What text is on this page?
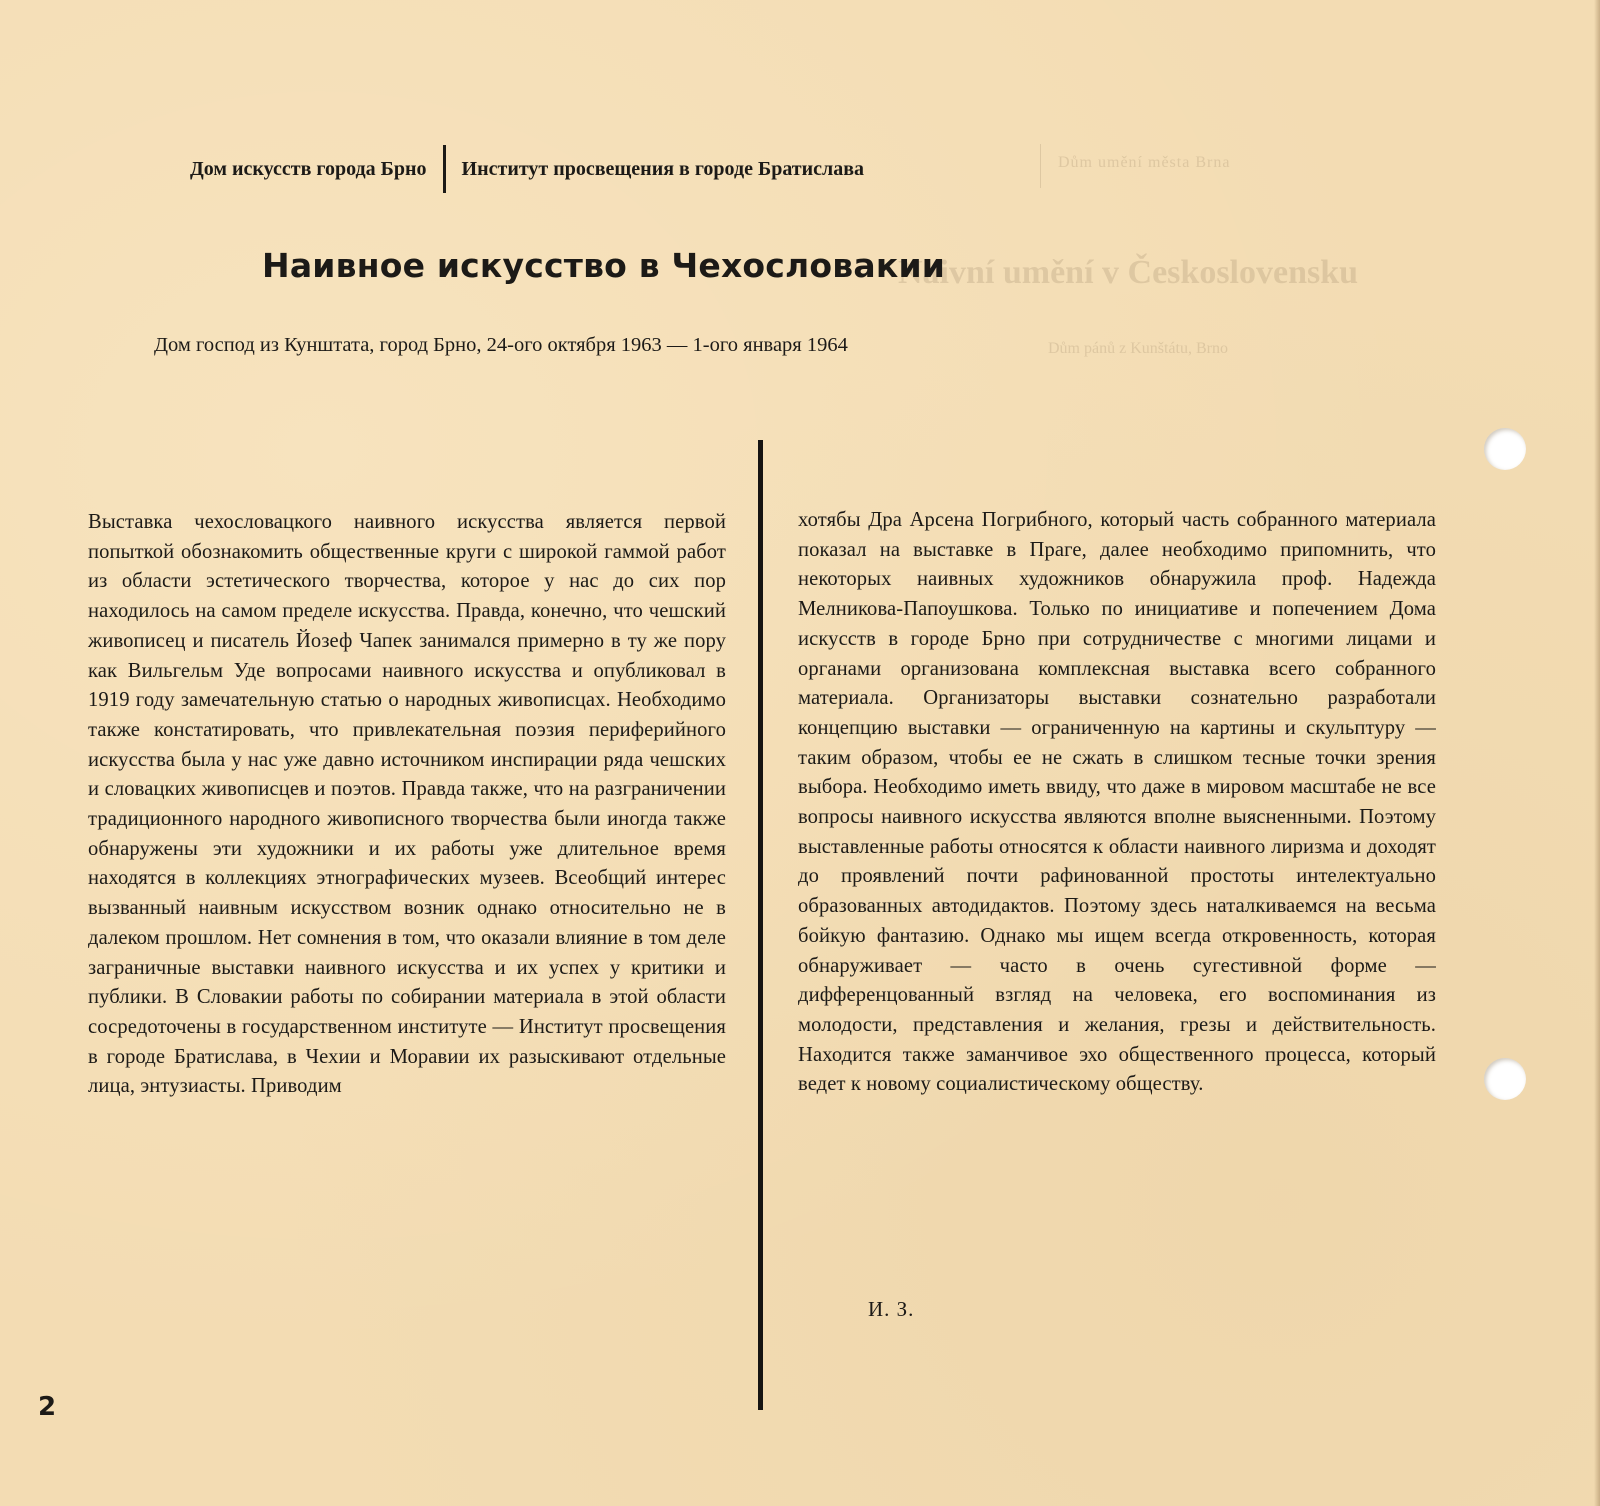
Dům umění města Brna
Naivní umění v Československu
Dům pánů z Kunštátu, Brno
Дом искусств города Брно Институт просвещения в городе Братислава
Наивное искусство в Чехословакии
Дом господ из Кунштата, город Брно, 24-ого октября 1963 — 1-ого января 1964
Выставка чехословацкого наивного искусства является первой попыткой обознакомить общественные круги с широкой гаммой работ из области эстетического творчества, которое у нас до сих пор находилось на самом пределе искусства. Правда, конечно, что чешский живописец и писатель Йозеф Чапек занимался примерно в ту же пору как Вильгельм Уде вопросами наивного искусства и опубликовал в 1919 году замечательную статью о народных живописцах. Необходимо также констатировать, что привлекательная поэзия периферийного искусства была у нас уже давно источником инспирации ряда чешских и словацких живописцев и поэтов. Правда также, что на разграничении традиционного народного живописного творчества были иногда также обнаружены эти художники и их работы уже длительное время находятся в коллекциях этнографических музеев. Всеобщий интерес вызванный наивным искусством возник однако относительно не в далеком прошлом. Нет сомнения в том, что оказали влияние в том деле заграничные выставки наивного искусства и их успех у критики и публики. В Словакии работы по собирании материала в этой области сосредоточены в государственном институте — Институт просвещения в городе Братислава, в Чехии и Моравии их разыскивают отдельные лица, энтузиасты. Приводим
хотябы Дра Арсена Погрибного, который часть собранного материала показал на выставке в Праге, далее необходимо припомнить, что некоторых наивных художников обнаружила проф. Надежда Мелникова-Папоушкова. Только по инициативе и попечением Дома искусств в городе Брно при сотрудничестве с многими лицами и органами организована комплексная выставка всего собранного материала. Организаторы выставки сознательно разработали концепцию выставки — ограниченную на картины и скульптуру — таким образом, чтобы ее не сжать в слишком тесные точки зрения выбора. Необходимо иметь ввиду, что даже в мировом масштабе не все вопросы наивного искусства являются вполне выясненными. Поэтому выставленные работы относятся к области наивного лиризма и доходят до проявлений почти рафинованной простоты интелектуально образованных автодидактов. Поэтому здесь наталкиваемся на весьма бойкую фантазию. Однако мы ищем всегда откровенность, которая обнаруживает — часто в очень сугестивной форме — дифференцованный взгляд на человека, его воспоминания из молодости, представления и желания, грезы и действительность. Находится также заманчивое эхо общественного процесса, который ведет к новому социалистическому обществу.
И. З.
2
